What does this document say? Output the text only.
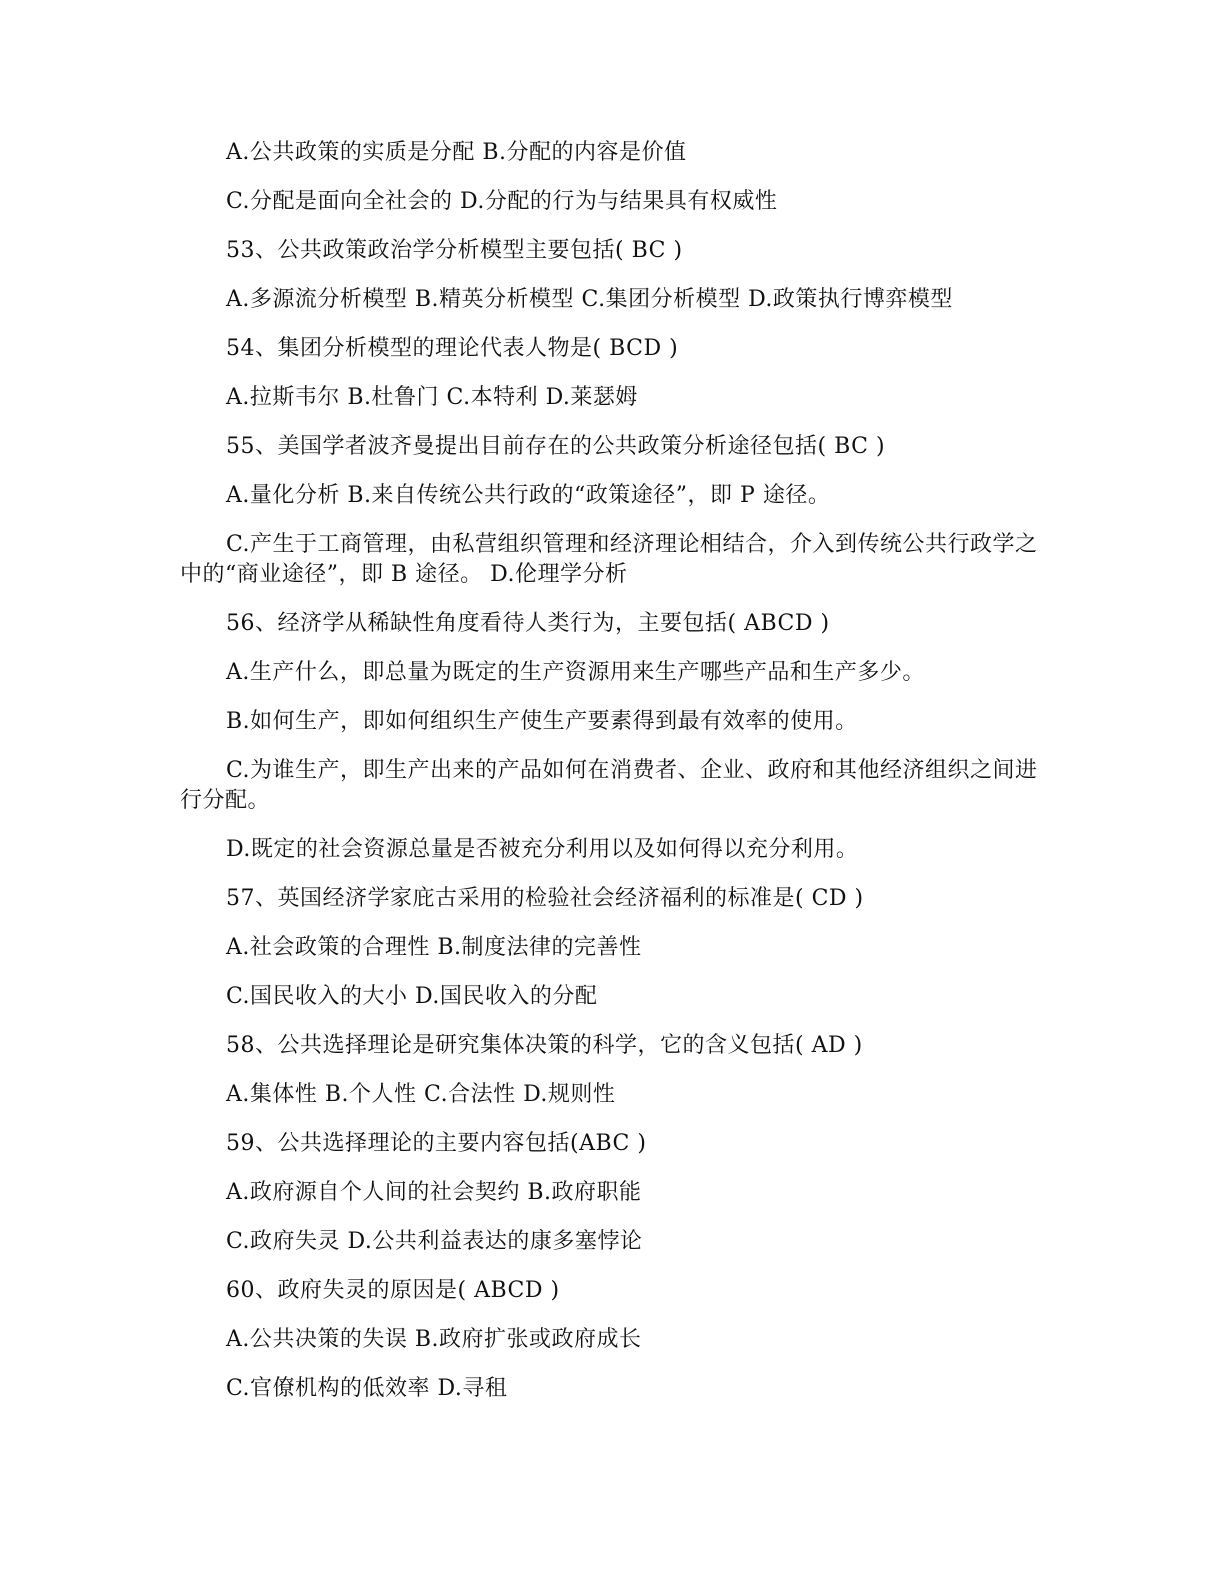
A.公共政策的实质是分配 B.分配的内容是价值

C.分配是面向全社会的 D.分配的行为与结果具有权威性

53、公共政策政治学分析模型主要包括( BC )

A.多源流分析模型 B.精英分析模型 C.集团分析模型 D.政策执行博弈模型

54、集团分析模型的理论代表人物是( BCD )

A.拉斯韦尔 B.杜鲁门 C.本特利 D.莱瑟姆

55、美国学者波齐曼提出目前存在的公共政策分析途径包括( BC )

A.量化分析 B.来自传统公共行政的“政策途径”，即 P 途径。

C.产生于工商管理，由私营组织管理和经济理论相结合，介入到传统公共行政学之中的“商业途径”，即 B 途径。 D.伦理学分析

56、经济学从稀缺性角度看待人类行为，主要包括( ABCD )

A.生产什么，即总量为既定的生产资源用来生产哪些产品和生产多少。

B.如何生产，即如何组织生产使生产要素得到最有效率的使用。

C.为谁生产，即生产出来的产品如何在消费者、企业、政府和其他经济组织之间进行分配。

D.既定的社会资源总量是否被充分利用以及如何得以充分利用。

57、英国经济学家庇古采用的检验社会经济福利的标准是( CD )

A.社会政策的合理性 B.制度法律的完善性

C.国民收入的大小 D.国民收入的分配

58、公共选择理论是研究集体决策的科学，它的含义包括( AD )

A.集体性 B.个人性 C.合法性 D.规则性

59、公共选择理论的主要内容包括(ABC )

A.政府源自个人间的社会契约 B.政府职能

C.政府失灵 D.公共利益表达的康多塞悖论

60、政府失灵的原因是( ABCD )

A.公共决策的失误 B.政府扩张或政府成长

C.官僚机构的低效率 D.寻租
